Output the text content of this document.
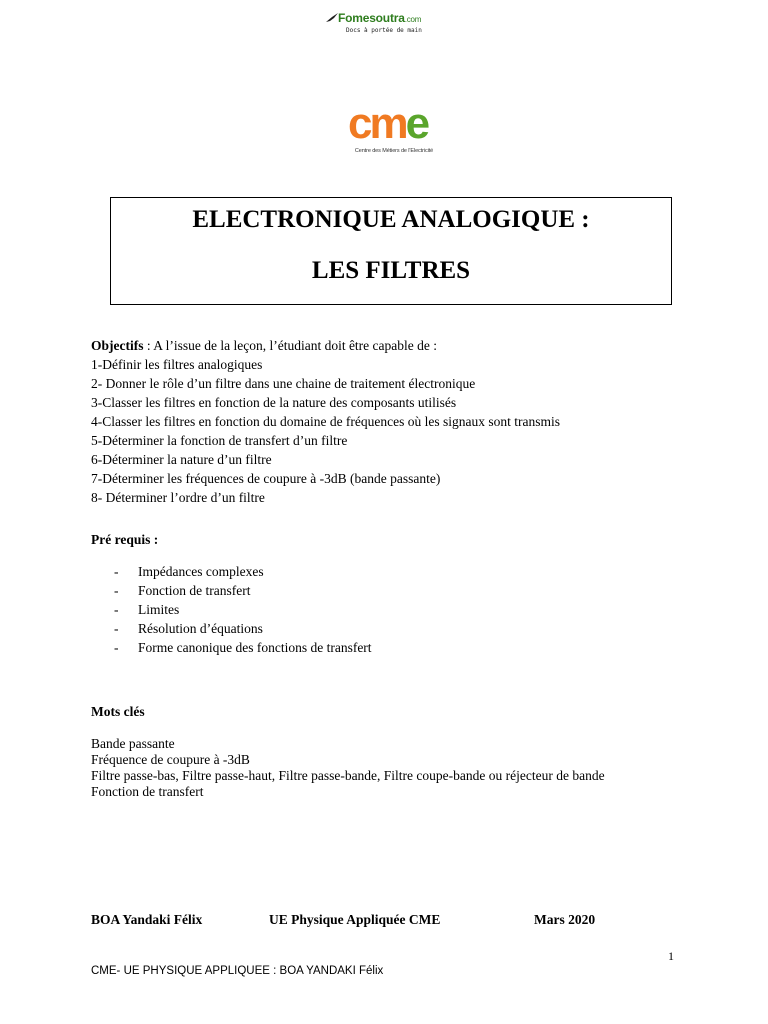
Fomesoutra.com
Docs à portée de main
cme
Centre des Métiers de l'Electricité
ELECTRONIQUE ANALOGIQUE :
LES FILTRES
Objectifs : A l’issue de la leçon, l’étudiant doit être capable de :
1-Définir les filtres analogiques
2- Donner le rôle d’un filtre dans une chaine de traitement électronique
3-Classer les filtres en fonction de la nature des composants utilisés
4-Classer les filtres en fonction du domaine de fréquences où les signaux sont transmis
5-Déterminer la fonction de transfert d’un filtre
6-Déterminer la nature d’un filtre
7-Déterminer les fréquences de coupure à -3dB (bande passante)
8- Déterminer l’ordre d’un filtre
Pré requis :
- Impédances complexes
- Fonction de transfert
- Limites
- Résolution d’équations
- Forme canonique des fonctions de transfert
Mots clés
Bande passante
Fréquence de coupure à -3dB
Filtre passe-bas, Filtre passe-haut, Filtre passe-bande, Filtre coupe-bande ou réjecteur de bande
Fonction de transfert
BOA Yandaki Félix	UE Physique Appliquée CME	Mars 2020
1
CME- UE PHYSIQUE APPLIQUEE : BOA YANDAKI Félix
